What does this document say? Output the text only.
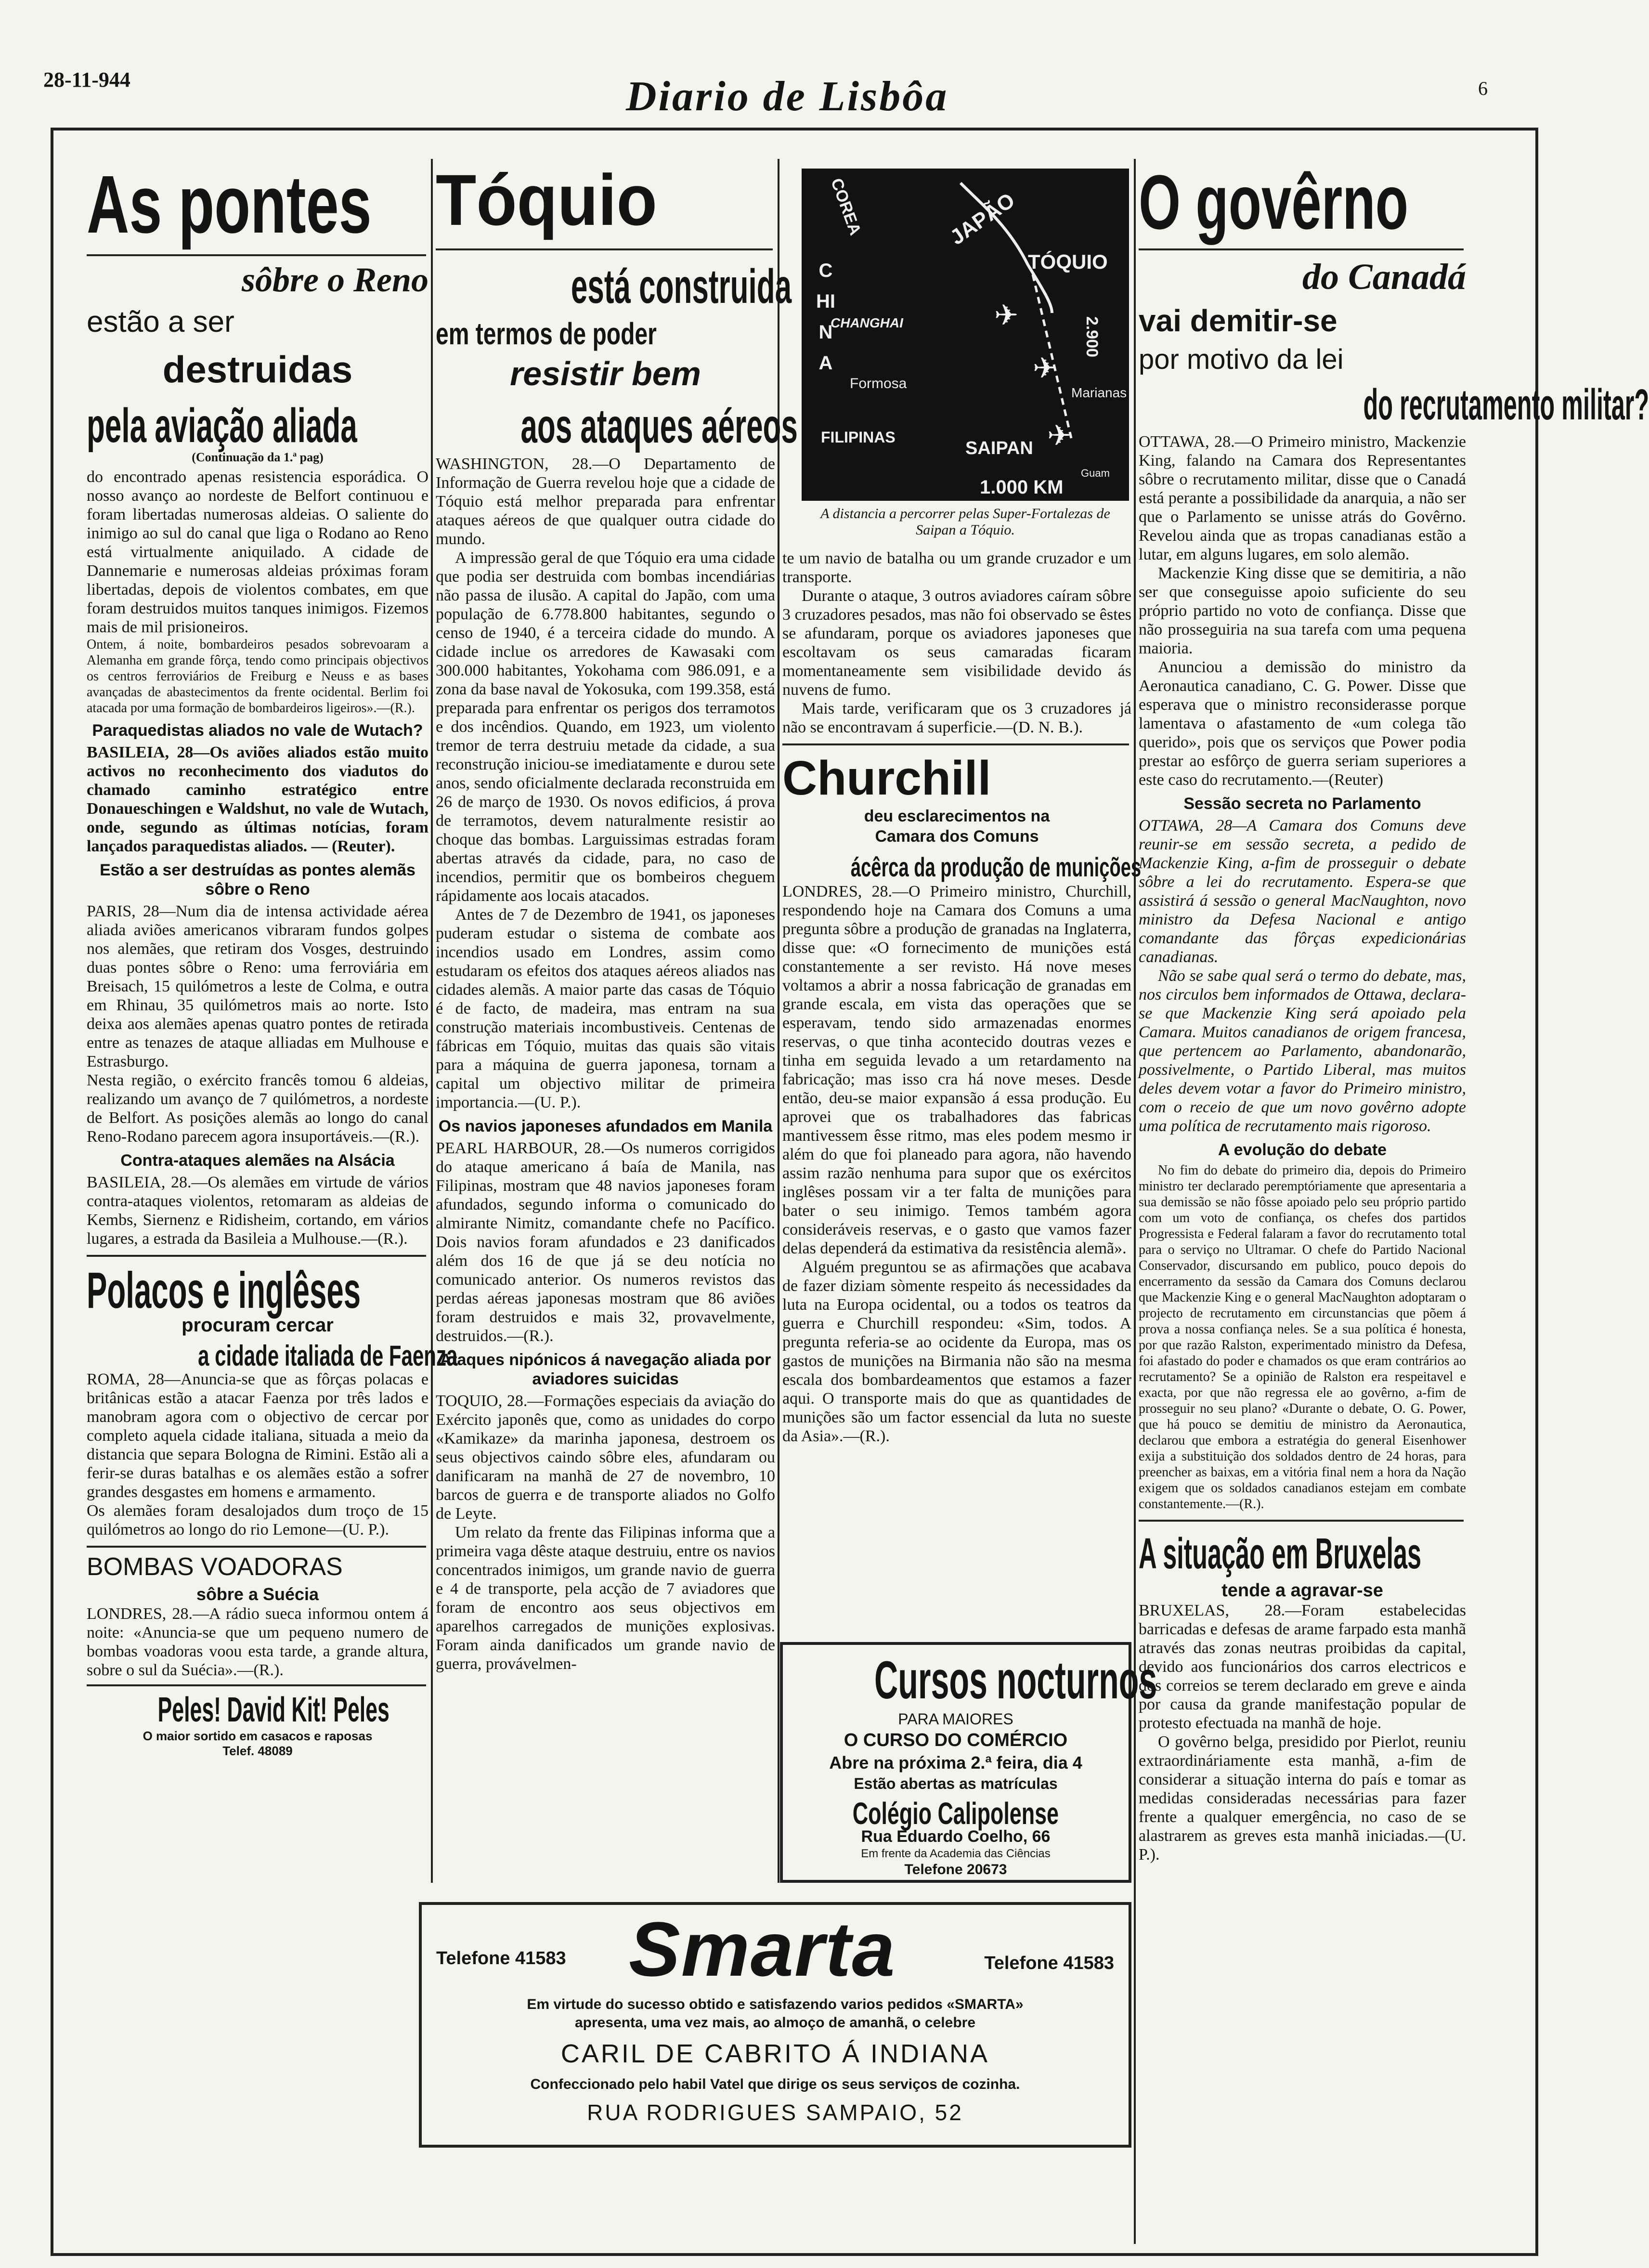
28-11-944	Diario de Lisbôa	6
As pontes
sôbre o Reno
estão a ser
destruidas
pela aviação aliada
(Continuação da 1.ª pag)

do encontrado apenas resistencia esporádica. O nosso avanço ao nordeste de Belfort continuou e foram libertadas numerosas aldeias. O saliente do inimigo ao sul do canal que liga o Rodano ao Reno está virtualmente aniquilado. A cidade de Dannemarie e numerosas aldeias próximas foram libertadas, depois de violentos combates, em que foram destruidos muitos tanques inimigos. Fizemos mais de mil prisioneiros.

Ontem, á noite, bombardeiros pesados sobrevoaram a Alemanha em grande fôrça, tendo como principais objectivos os centros ferroviários de Freiburg e Neuss e as bases avançadas de abastecimentos da frente ocidental. Berlim foi atacada por uma formação de bombardeiros ligeiros».—(R.).

Paraquedistas aliados no vale de Wutach?

BASILEIA, 28—Os aviões aliados estão muito activos no reconhecimento dos viadutos do chamado caminho estratégico entre Donaueschingen e Waldshut, no vale de Wutach, onde, segundo as últimas notícias, foram lançados paraquedistas aliados. — (Reuter).

Estão a ser destruídas as pontes alemãs sôbre o Reno

PARIS, 28—Num dia de intensa actividade aérea aliada aviões americanos vibraram fundos golpes nos alemães, que retiram dos Vosges, destruindo duas pontes sôbre o Reno: uma ferroviária em Breisach, 15 quilómetros a leste de Colma, e outra em Rhinau, 35 quilómetros mais ao norte. Isto deixa aos alemães apenas quatro pontes de retirada entre as tenazes de ataque alliadas em Mulhouse e Estrasburgo.

Nesta região, o exército francês tomou 6 aldeias, realizando um avanço de 7 quilómetros, a nordeste de Belfort. As posições alemãs ao longo do canal Reno-Rodano parecem agora insuportáveis.—(R.).

Contra-ataques alemães na Alsácia

BASILEIA, 28.—Os alemães em virtude de vários contra-ataques violentos, retomaram as aldeias de Kembs, Siernenz e Ridisheim, cortando, em vários lugares, a estrada da Basileia a Mulhouse.—(R.).

Polacos e inglêses
procuram cercar
a cidade italiada de Faenza

ROMA, 28—Anuncia-se que as fôrças polacas e britânicas estão a atacar Faenza por três lados e manobram agora com o objectivo de cercar por completo aquela cidade italiana, situada a meio da distancia que separa Bologna de Rimini. Estão ali a ferir-se duras batalhas e os alemães estão a sofrer grandes desgastes em homens e armamento.

Os alemães foram desalojados dum troço de 15 quilómetros ao longo do rio Lemone—(U. P.).

BOMBAS VOADORAS
sôbre a Suécia

LONDRES, 28.—A rádio sueca informou ontem á noite: «Anuncia-se que um pequeno numero de bombas voadoras voou esta tarde, a grande altura, sobre o sul da Suécia».—(R.).

Peles! David Kit! Peles
O maior sortido em casacos e raposas
Telef. 48089
Tóquio
está construida
em termos de poder
resistir bem
aos ataques aéreos

WASHINGTON, 28.—O Departamento de Informação de Guerra revelou hoje que a cidade de Tóquio está melhor preparada para enfrentar ataques aéreos de que qualquer outra cidade do mundo.

A impressão geral de que Tóquio era uma cidade que podia ser destruida com bombas incendiárias não passa de ilusão. A capital do Japão, com uma população de 6.778.800 habitantes, segundo o censo de 1940, é a terceira cidade do mundo. A cidade inclue os arredores de Kawasaki com 300.000 habitantes, Yokohama com 986.091, e a zona da base naval de Yokosuka, com 199.358, está preparada para enfrentar os perigos dos terramotos e dos incêndios. Quando, em 1923, um violento tremor de terra destruiu metade da cidade, a sua reconstrução iniciou-se imediatamente e durou sete anos, sendo oficialmente declarada reconstruida em 26 de março de 1930. Os novos edificios, á prova de terramotos, devem naturalmente resistir ao choque das bombas. Larguissimas estradas foram abertas através da cidade, para, no caso de incendios, permitir que os bombeiros cheguem rápidamente aos locais atacados.

Antes de 7 de Dezembro de 1941, os japoneses puderam estudar o sistema de combate aos incendios usado em Londres, assim como estudaram os efeitos dos ataques aéreos aliados nas cidades alemãs. A maior parte das casas de Tóquio é de facto, de madeira, mas entram na sua construção materiais incombustiveis. Centenas de fábricas em Tóquio, muitas das quais são vitais para a máquina de guerra japonesa, tornam a capital um objectivo militar de primeira importancia.—(U. P.).

Os navios japoneses afundados em Manila

PEARL HARBOUR, 28.—Os numeros corrigidos do ataque americano á baía de Manila, nas Filipinas, mostram que 48 navios japoneses foram afundados, segundo informa o comunicado do almirante Nimitz, comandante chefe no Pacífico. Dois navios foram afundados e 23 danificados além dos 16 de que já se deu notícia no comunicado anterior. Os numeros revistos das perdas aéreas japonesas mostram que 86 aviões foram destruidos e mais 32, provavelmente, destruidos.—(R.).

Ataques nipónicos á navegação aliada por aviadores suicidas

TOQUIO, 28.—Formações especiais da aviação do Exército japonês que, como as unidades do corpo «Kamikaze» da marinha japonesa, destroem os seus objectivos caindo sôbre eles, afundaram ou danificaram na manhã de 27 de novembro, 10 barcos de guerra e de transporte aliados no Golfo de Leyte.

Um relato da frente das Filipinas informa que a primeira vaga dêste ataque destruiu, entre os navios concentrados inimigos, um grande navio de guerra e 4 de transporte, pela acção de 7 aviadores que foram de encontro aos seus objectivos em aparelhos carregados de munições explosivas. Foram ainda danificados um grande navio de guerra, provávelmen-

COREA	JAPÃO
TÓQUIO
CHINA
CHANGHAI
Formosa
FILIPINAS
SAIPAN
Marianas
2.900
Guam
1.000 KM
✈
✈
✈
A distancia a percorrer pelas Super-Fortalezas de Saipan a Tóquio.

te um navio de batalha ou um grande cruzador e um transporte.

Durante o ataque, 3 outros aviadores caíram sôbre 3 cruzadores pesados, mas não foi observado se êstes se afundaram, porque os aviadores japoneses que escoltavam os seus camaradas ficaram momentaneamente sem visibilidade devido ás nuvens de fumo.

Mais tarde, verificaram que os 3 cruzadores já não se encontravam á superficie.—(D. N. B.).

Churchill
deu esclarecimentos na Camara dos Comuns
ácêrca da produção de munições

LONDRES, 28.—O Primeiro ministro, Churchill, respondendo hoje na Camara dos Comuns a uma pregunta sôbre a produção de granadas na Inglaterra, disse que: «O fornecimento de munições está constantemente a ser revisto. Há nove meses voltamos a abrir a nossa fabricação de granadas em grande escala, em vista das operações que se esperavam, tendo sido armazenadas enormes reservas, o que tinha acontecido doutras vezes e tinha em seguida levado a um retardamento na fabricação; mas isso cra há nove meses. Desde então, deu-se maior expansão á essa produção. Eu aprovei que os trabalhadores das fabricas mantivessem êsse ritmo, mas eles podem mesmo ir além do que foi planeado para agora, não havendo assim razão nenhuma para supor que os exércitos inglêses possam vir a ter falta de munições para bater o seu inimigo. Temos também agora consideráveis reservas, e o gasto que vamos fazer delas dependerá da estimativa da resistência alemã».

Alguém preguntou se as afirmações que acabava de fazer diziam sòmente respeito ás necessidades da luta na Europa ocidental, ou a todos os teatros da guerra e Churchill respondeu: «Sim, todos. A pregunta referia-se ao ocidente da Europa, mas os gastos de munições na Birmania não são na mesma escala dos bombardeamentos que estamos a fazer aqui. O transporte mais do que as quantidades de munições são um factor essencial da luta no sueste da Asia».—(R.).

Cursos nocturnos
PARA MAIORES
O CURSO DO COMÉRCIO
Abre na próxima 2.ª feira, dia 4
Estão abertas as matrículas
Colégio Calipolense
Rua Eduardo Coelho, 66
Em frente da Academia das Ciências
Telefone 20673
O govêrno
do Canadá
vai demitir-se
por motivo da lei
do recrutamento militar?

OTTAWA, 28.—O Primeiro ministro, Mackenzie King, falando na Camara dos Representantes sôbre o recrutamento militar, disse que o Canadá está perante a possibilidade da anarquia, a não ser que o Parlamento se unisse atrás do Govêrno. Revelou ainda que as tropas canadianas estão a lutar, em alguns lugares, em solo alemão.

Mackenzie King disse que se demitiria, a não ser que conseguisse apoio suficiente do seu próprio partido no voto de confiança. Disse que não prosseguiria na sua tarefa com uma pequena maioria.

Anunciou a demissão do ministro da Aeronautica canadiano, C. G. Power. Disse que esperava que o ministro reconsiderasse porque lamentava o afastamento de «um colega tão querido», pois que os serviços que Power podia prestar ao esfôrço de guerra seriam superiores a este caso do recrutamento.—(Reuter)

Sessão secreta no Parlamento

OTTAWA, 28—A Camara dos Comuns deve reunir-se em sessão secreta, a pedido de Mackenzie King, a-fim de prosseguir o debate sôbre a lei do recrutamento. Espera-se que assistirá á sessão o general MacNaughton, novo ministro da Defesa Nacional e antigo comandante das fôrças expedicionárias canadianas.

Não se sabe qual será o termo do debate, mas, nos circulos bem informados de Ottawa, declara-se que Mackenzie King será apoiado pela Camara. Muitos canadianos de origem francesa, que pertencem ao Parlamento, abandonarão, possivelmente, o Partido Liberal, mas muitos deles devem votar a favor do Primeiro ministro, com o receio de que um novo govêrno adopte uma política de recrutamento mais rigoroso.

A evolução do debate

No fim do debate do primeiro dia, depois do Primeiro ministro ter declarado peremptóriamente que apresentaria a sua demissão se não fôsse apoiado pelo seu próprio partido com um voto de confiança, os chefes dos partidos Progressista e Federal falaram a favor do recrutamento total para o serviço no Ultramar. O chefe do Partido Nacional Conservador, discursando em publico, pouco depois do encerramento da sessão da Camara dos Comuns declarou que Mackenzie King e o general MacNaughton adoptaram o projecto de recrutamento em circunstancias que põem á prova a nossa confiança neles. Se a sua política é honesta, por que razão Ralston, experimentado ministro da Defesa, foi afastado do poder e chamados os que eram contrários ao recrutamento? Se a opinião de Ralston era respeitavel e exacta, por que não regressa ele ao govêrno, a-fim de prosseguir no seu plano? «Durante o debate, O. G. Power, que há pouco se demitiu de ministro da Aeronautica, declarou que embora a estratégia do general Eisenhower exija a substituição dos soldados dentro de 24 horas, para preencher as baixas, em a vitória final nem a hora da Nação exigem que os soldados canadianos estejam em combate constantemente.—(R.).

A situação em Bruxelas
tende a agravar-se

BRUXELAS, 28.—Foram estabelecidas barricadas e defesas de arame farpado esta manhã através das zonas neutras proibidas da capital, devido aos funcionários dos carros electricos e dos correios se terem declarado em greve e ainda por causa da grande manifestação popular de protesto efectuada na manhã de hoje.

O govêrno belga, presidido por Pierlot, reuniu extraordináriamente esta manhã, a-fim de considerar a situação interna do país e tomar as medidas consideradas necessárias para fazer frente a qualquer emergência, no caso de se alastrarem as greves esta manhã iniciadas.—(U. P.).

Telefone 41583 Smarta	Telefone 41583
Em virtude do sucesso obtido e satisfazendo varios pedidos «SMARTA»
apresenta, uma vez mais, ao almoço de amanhã, o celebre
CARIL DE CABRITO Á INDIANA
Confeccionado pelo habil Vatel que dirige os seus serviços de cozinha.
RUA RODRIGUES SAMPAIO, 52
